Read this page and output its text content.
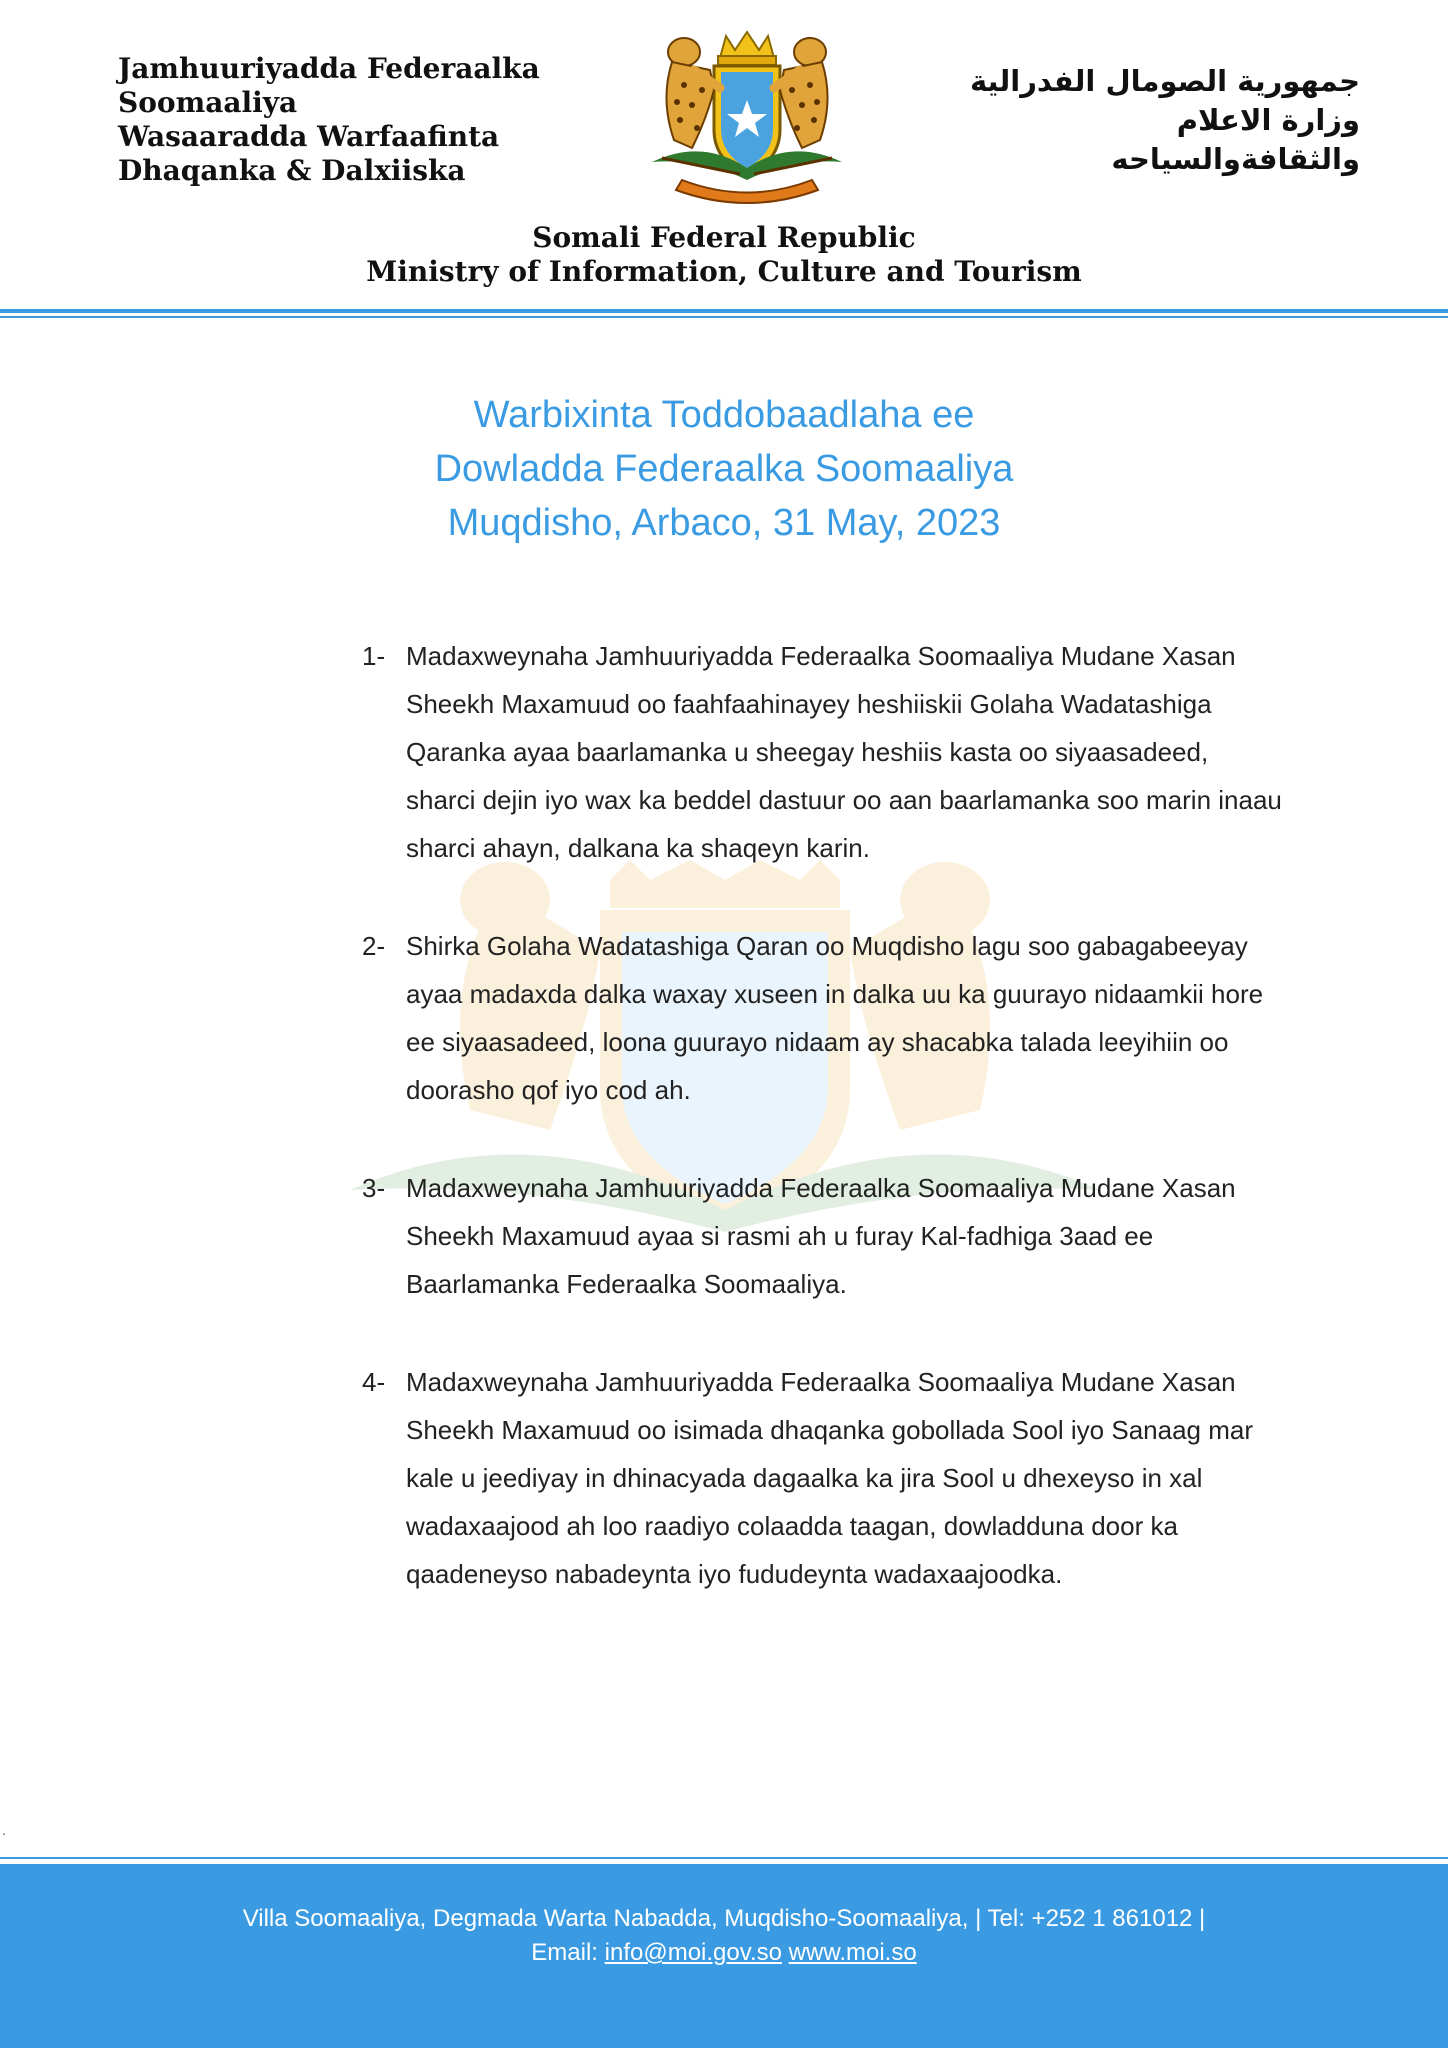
Jamhuuriyadda Federaalka
Soomaaliya
Wasaaradda Warfaafinta
Dhaqanka & Dalxiiska
جمهورية الصومال الفدرالية
وزارة الاعلام
والثقافةوالسياحه
Somali Federal Republic
Ministry of Information, Culture and Tourism
Warbixinta Toddobaadlaha ee
Dowladda Federaalka Soomaaliya
Muqdisho, Arbaco, 31 May, 2023
1- Madaxweynaha Jamhuuriyadda Federaalka Soomaaliya Mudane Xasan Sheekh Maxamuud oo faahfaahinayey heshiiskii Golaha Wadatashiga Qaranka ayaa baarlamanka u sheegay heshiis kasta oo siyaasadeed, sharci dejin iyo wax ka beddel dastuur oo aan baarlamanka soo marin inaau sharci ahayn, dalkana ka shaqeyn karin.
2- Shirka Golaha Wadatashiga Qaran oo Muqdisho lagu soo gabagabeeyay ayaa madaxda dalka waxay xuseen in dalka uu ka guurayo nidaamkii hore ee siyaasadeed, loona guurayo nidaam ay shacabka talada leeyihiin oo doorasho qof iyo cod ah.
3- Madaxweynaha Jamhuuriyadda Federaalka Soomaaliya Mudane Xasan Sheekh Maxamuud ayaa si rasmi ah u furay Kal-fadhiga 3aad ee Baarlamanka Federaalka Soomaaliya.
4- Madaxweynaha Jamhuuriyadda Federaalka Soomaaliya Mudane Xasan Sheekh Maxamuud oo isimada dhaqanka gobollada Sool iyo Sanaag mar kale u jeediyay in dhinacyada dagaalka ka jira Sool u dhexeyso in xal wadaxaajood ah loo raadiyo colaadda taagan, dowladduna door ka qaadeneyso nabadeynta iyo fududeynta wadaxaajoodka.
.
Villa Soomaaliya, Degmada Warta Nabadda, Muqdisho-Soomaaliya, | Tel: +252 1 861012 |
Email: info@moi.gov.so www.moi.so
